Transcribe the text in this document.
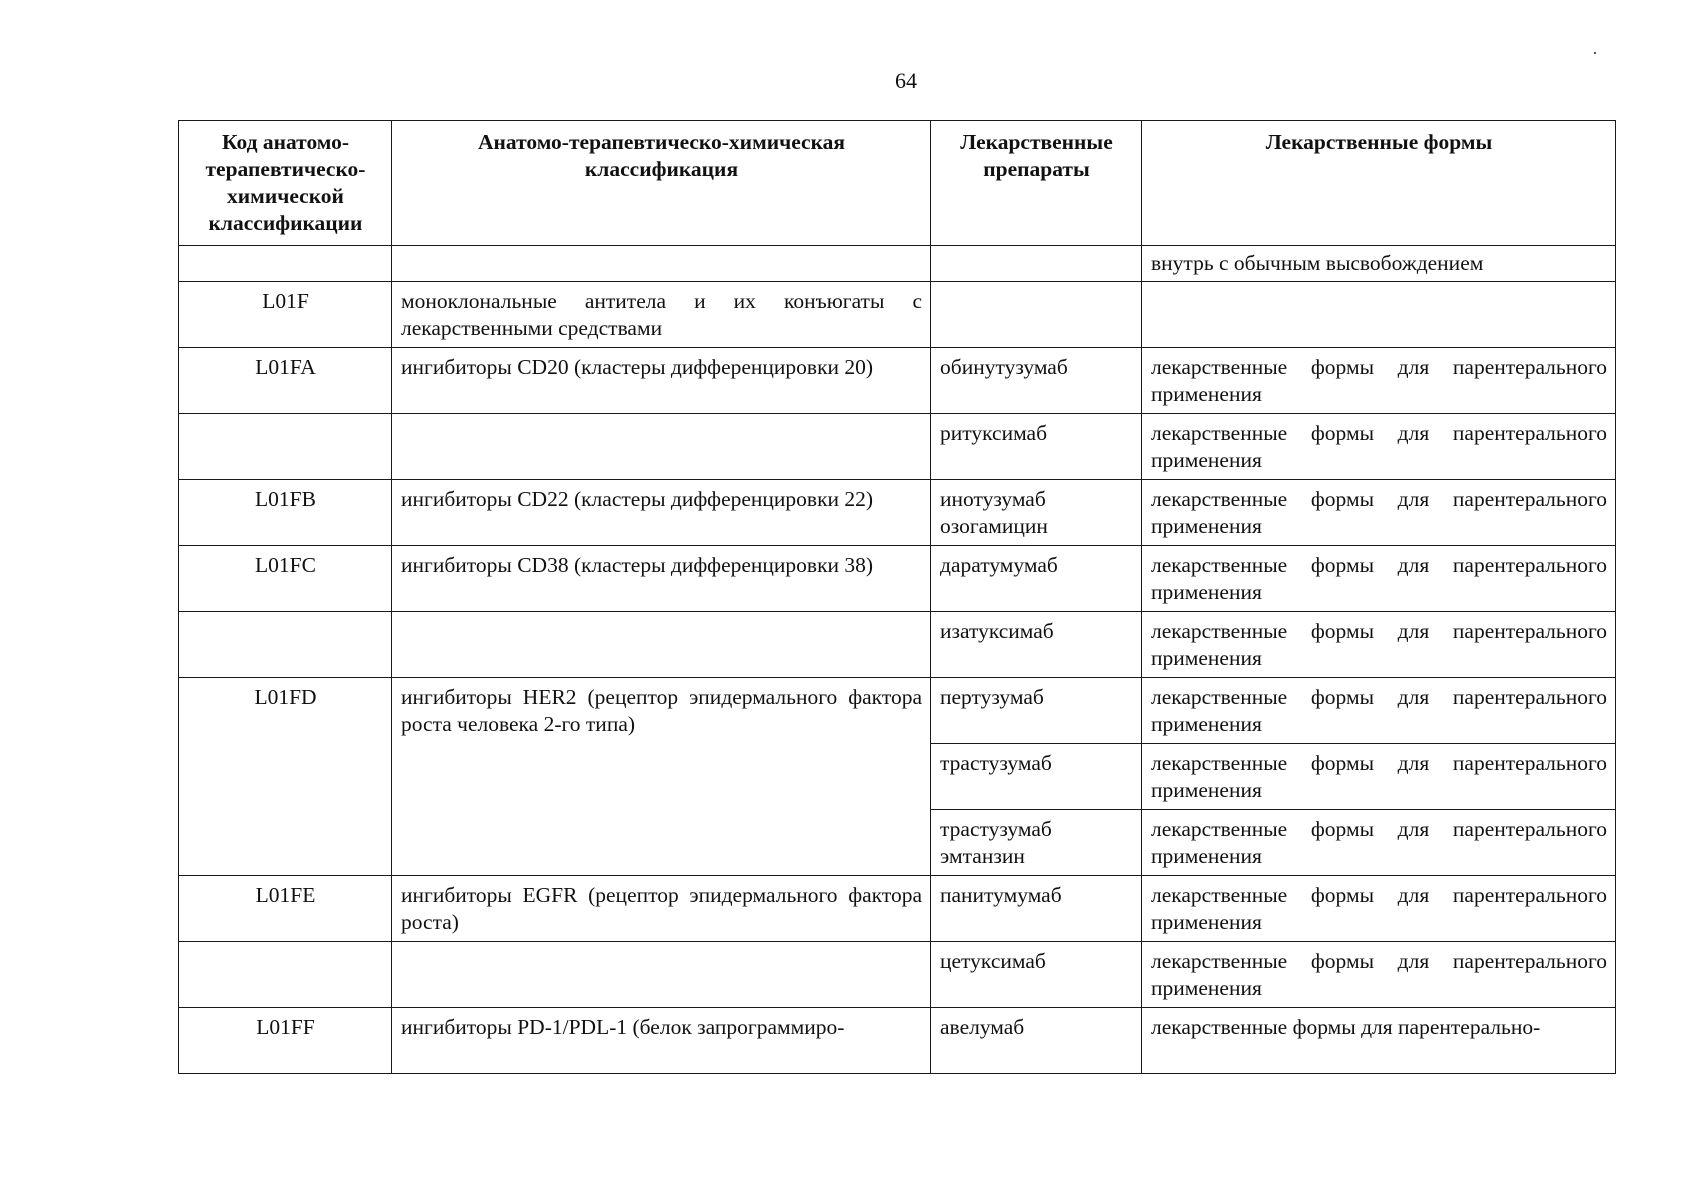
64
Код анатомо-терапевтическо-химической классификации	Анатомо-терапевтическо-химическая классификация	Лекарственные препараты	Лекарственные формы
			внутрь с обычным высвобождением
L01F	моноклональные антитела и их конъюгаты с лекарственными средствами		
L01FA	ингибиторы CD20 (кластеры дифференцировки 20)	обинутузумаб	лекарственные формы для парентерального применения
		ритуксимаб	лекарственные формы для парентерального применения
L01FB	ингибиторы CD22 (кластеры дифференцировки 22)	инотузумаб озогамицин	лекарственные формы для парентерального применения
L01FC	ингибиторы CD38 (кластеры дифференцировки 38)	даратумумаб	лекарственные формы для парентерального применения
		изатуксимаб	лекарственные формы для парентерального применения
L01FD	ингибиторы HER2 (рецептор эпидермального фактора роста человека 2-го типа)	пертузумаб	лекарственные формы для парентерального применения
		трастузумаб	лекарственные формы для парентерального применения
		трастузумаб эмтанзин	лекарственные формы для парентерального применения
L01FE	ингибиторы EGFR (рецептор эпидермального фактора роста)	панитумумаб	лекарственные формы для парентерального применения
		цетуксимаб	лекарственные формы для парентерального применения
L01FF	ингибиторы PD-1/PDL-1 (белок запрограммиро-	авелумаб	лекарственные формы для парентерально-
